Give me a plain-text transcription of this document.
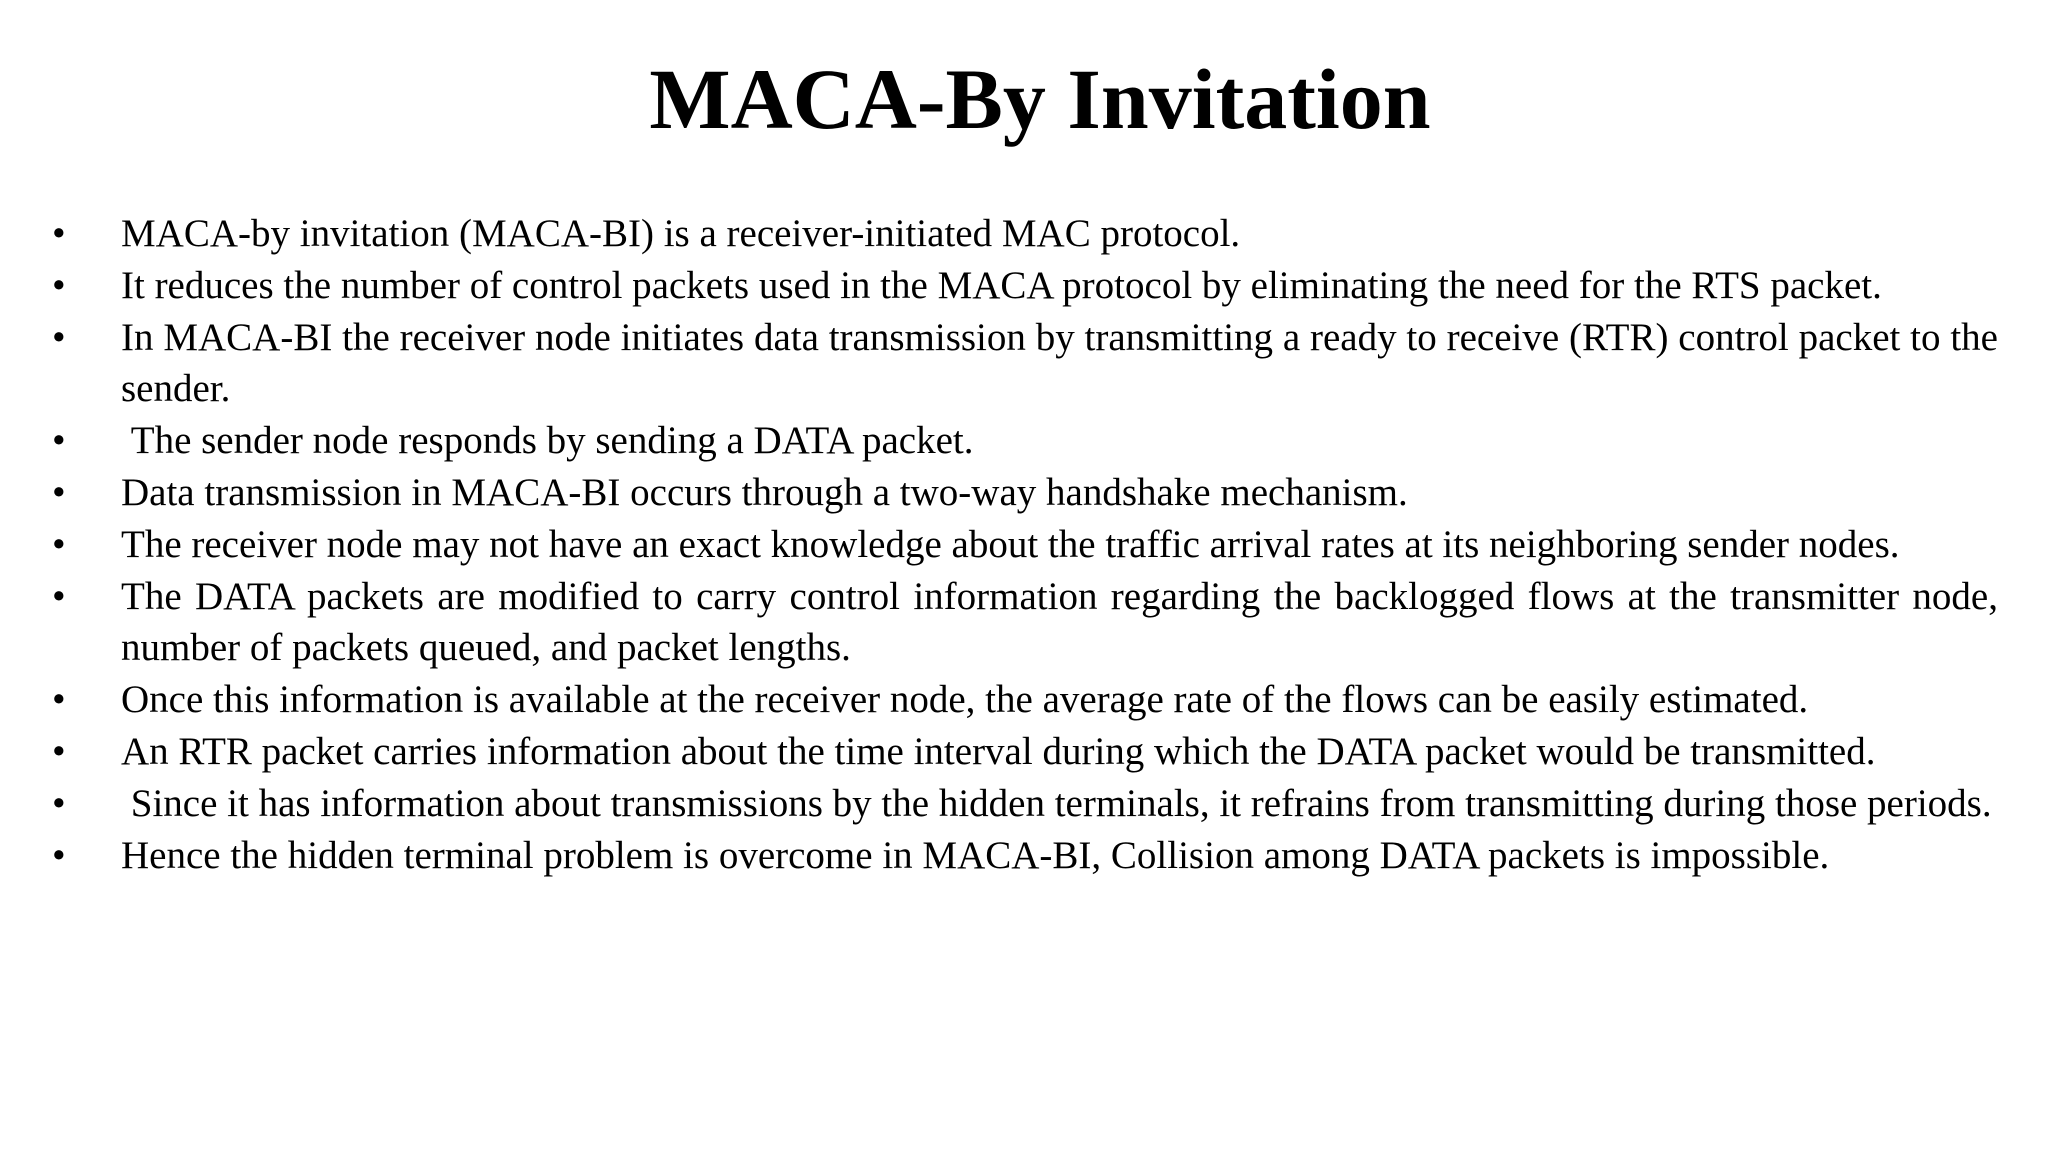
MACA-By Invitation
•	MACA-by invitation (MACA-BI) is a receiver-initiated MAC protocol.
•	It reduces the number of control packets used in the MACA protocol by eliminating the need for the RTS packet.
•	In MACA-BI the receiver node initiates data transmission by transmitting a ready to receive (RTR) control packet to the sender.
•	The sender node responds by sending a DATA packet.
•	Data transmission in MACA-BI occurs through a two-way handshake mechanism.
•	The receiver node may not have an exact knowledge about the traffic arrival rates at its neighboring sender nodes.
•	The DATA packets are modified to carry control information regarding the backlogged flows at the transmitter node, number of packets queued, and packet lengths.
•	Once this information is available at the receiver node, the average rate of the flows can be easily estimated.
•	An RTR packet carries information about the time interval during which the DATA packet would be transmitted.
•	Since it has information about transmissions by the hidden terminals, it refrains from transmitting during those periods.
•	Hence the hidden terminal problem is overcome in MACA-BI, Collision among DATA packets is impossible.
